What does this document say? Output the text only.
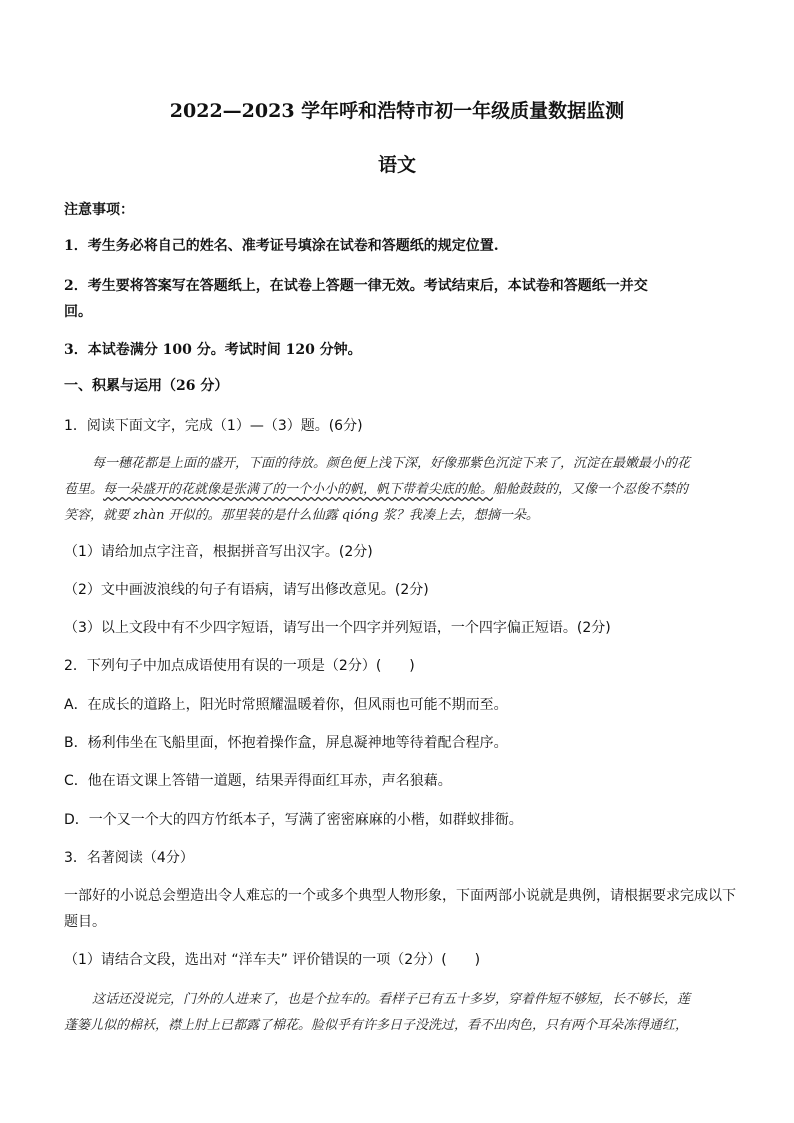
2022—2023 学年呼和浩特市初一年级质量数据监测
语文
注意事项：
1．考生务必将自己的姓名、准考证号填涂在试卷和答题纸的规定位置.
2．考生要将答案写在答题纸上，在试卷上答题一律无效。考试结束后，本试卷和答题纸一并交
回。
3．本试卷满分 100 分。考试时间 120 分钟。
一、积累与运用（26 分）
1．阅读下面文字，完成（1）—（3）题。(6分)
每一穗花都是上面的盛开，下面的待放。颜色便上浅下深，好像那紫色沉淀下来了，沉淀在最嫩最小的花
苞里。每一朵盛开的花就像是张满了的一个小小的帆，帆下带着尖底的舱。船舱鼓鼓的，又像一个忍俊不禁的
笑容，就要 zhàn 开似的。那里装的是什么仙露 qióng 浆？我凑上去，想摘一朵。
（1）请给加点字注音，根据拼音写出汉字。(2分)
（2）文中画波浪线的句子有语病，请写出修改意见。(2分)
（3）以上文段中有不少四字短语，请写出一个四字并列短语，一个四字偏正短语。(2分)
2．下列句子中加点成语使用有误的一项是（2分）(　　)
A．在成长的道路上，阳光时常照耀温暖着你，但风雨也可能不期而至。
B．杨利伟坐在飞船里面，怀抱着操作盒，屏息凝神地等待着配合程序。
C．他在语文课上答错一道题，结果弄得面红耳赤，声名狼藉。
D．一个又一个大的四方竹纸本子，写满了密密麻麻的小楷，如群蚁排衙。
3．名著阅读（4分）
一部好的小说总会塑造出令人难忘的一个或多个典型人物形象，下面两部小说就是典例，请根据要求完成以下
题目。
（1）请结合文段，选出对 “洋车夫” 评价错误的一项（2分）(　　)
这话还没说完，门外的人进来了，也是个拉车的。看样子已有五十多岁，穿着件短不够短，长不够长，莲
蓬篓儿似的棉袄，襟上肘上已都露了棉花。脸似乎有许多日子没洗过，看不出肉色，只有两个耳朵冻得通红，
